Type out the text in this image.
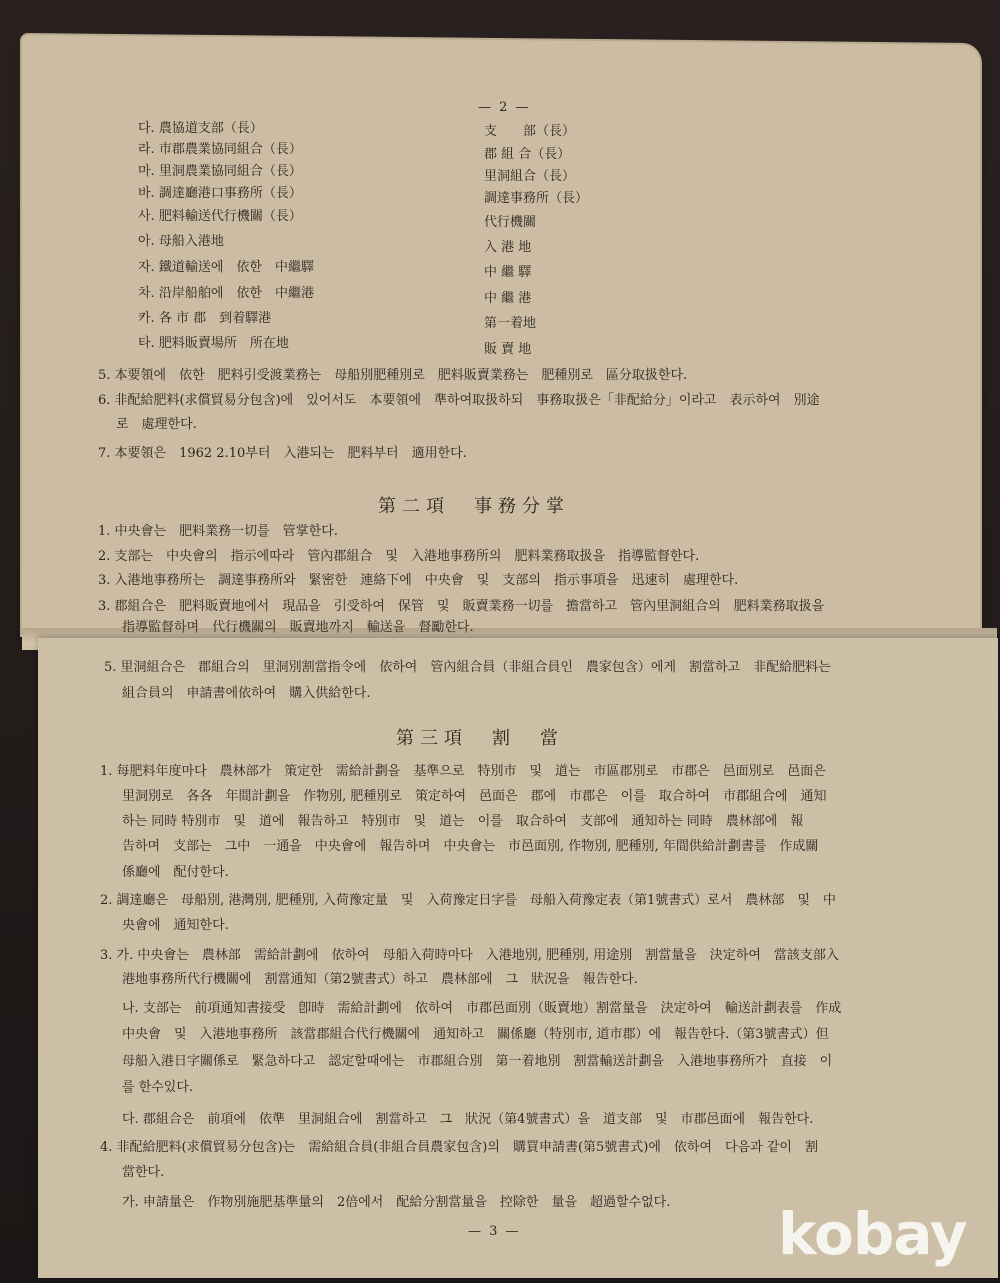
— 2 —
다. 農協道支部（長）
라. 市郡農業協同組合（長）
마. 里洞農業協同組合（長）
바. 調達廳港口事務所（長）
사. 肥料輸送代行機關（長）
아. 母船入港地
자. 鐵道輸送에　依한　中繼驛
차. 沿岸船舶에　依한　中繼港
카. 各 市 郡　到着驛港
타. 肥料販賣場所　所在地
支　　部（長）
郡 組 合（長）
里洞組合（長）
調達事務所（長）
代行機關
入 港 地
中 繼 驛
中 繼 港
第一着地
販 賣 地
5. 本要領에　依한　肥料引受渡業務는　母船別肥種別로　肥料販賣業務는　肥種別로　區分取扱한다.
6. 非配給肥料(求償貿易分包含)에　있어서도　本要領에　準하여取扱하되　事務取扱은「非配給分」이라고　表示하여　別途
로　處理한다.
7. 本要領은　1962 2.10부터　入港되는　肥料부터　適用한다.
第二項　事務分掌
1. 中央會는　肥料業務一切를　管掌한다.
2. 支部는　中央會의　指示에따라　管內郡組合　및　入港地事務所의　肥料業務取扱을　指導監督한다.
3. 入港地事務所는　調達事務所와　緊密한　連絡下에　中央會　및　支部의　指示事項을　迅速히　處理한다.
3. 郡組合은　肥料販賣地에서　現品을　引受하여　保管　및　販賣業務一切를　擔當하고　管內里洞組合의　肥料業務取扱을
指導監督하며　代行機關의　販賣地까지　輸送을　督勵한다.
5. 里洞組合은　郡組合의　里洞別割當指令에　依하여　管內組合員（非組合員인　農家包含）에게　割當하고　非配給肥料는
組合員의　申請書에依하여　購入供給한다.
第三項　割　當
1. 每肥料年度마다　農林部가　策定한　需給計劃을　基準으로　特別市　및　道는　市區郡別로　市郡은　邑面別로　邑面은
里洞別로　各各　年間計劃을　作物別, 肥種別로　策定하여　邑面은　郡에　市郡은　이를　取合하여　市郡組合에　通知
하는 同時 特別市　및　道에　報告하고　特別市　및　道는　이를　取合하여　支部에　通知하는 同時　農林部에　報
告하며　支部는　그中　一通을　中央會에　報告하며　中央會는　市邑面別, 作物別, 肥種別, 年間供給計劃書를　作成關
係廳에　配付한다.
2. 調達廳은　母船別, 港灣別, 肥種別, 入荷豫定量　및　入荷豫定日字를　母船入荷豫定表（第1號書式）로서　農林部　및　中
央會에　通知한다.
3. 가. 中央會는　農林部　需給計劃에　依하여　母船入荷時마다　入港地別, 肥種別, 用途別　割當量을　決定하여　當該支部入
港地事務所代行機關에　割當通知（第2號書式）하고　農林部에　그　狀況을　報告한다.
나. 支部는　前項通知書接受　卽時　需給計劃에　依하여　市郡邑面別（販賣地）割當量을　決定하여　輸送計劃表를　作成
中央會　및　入港地事務所　該當郡組合代行機關에　通知하고　關係廳（特別市, 道市郡）에　報告한다.（第3號書式）但
母船入港日字關係로　緊急하다고　認定할때에는　市郡組合別　第一着地別　割當輸送計劃을　入港地事務所가　直接　이
를 한수있다.
다. 郡組合은　前項에　依準　里洞組合에　割當하고　그　狀況（第4號書式）을　道支部　및　市郡邑面에　報告한다.
4. 非配給肥料(求償貿易分包含)는　需給組合員(非組合員農家包含)의　購買申請書(第5號書式)에　依하여　다음과 같이　割
當한다.
가. 申請量은　作物別施肥基準量의　2倍에서　配給分割當量을　控除한　量을　超過할수없다.
— 3 —	kobay
